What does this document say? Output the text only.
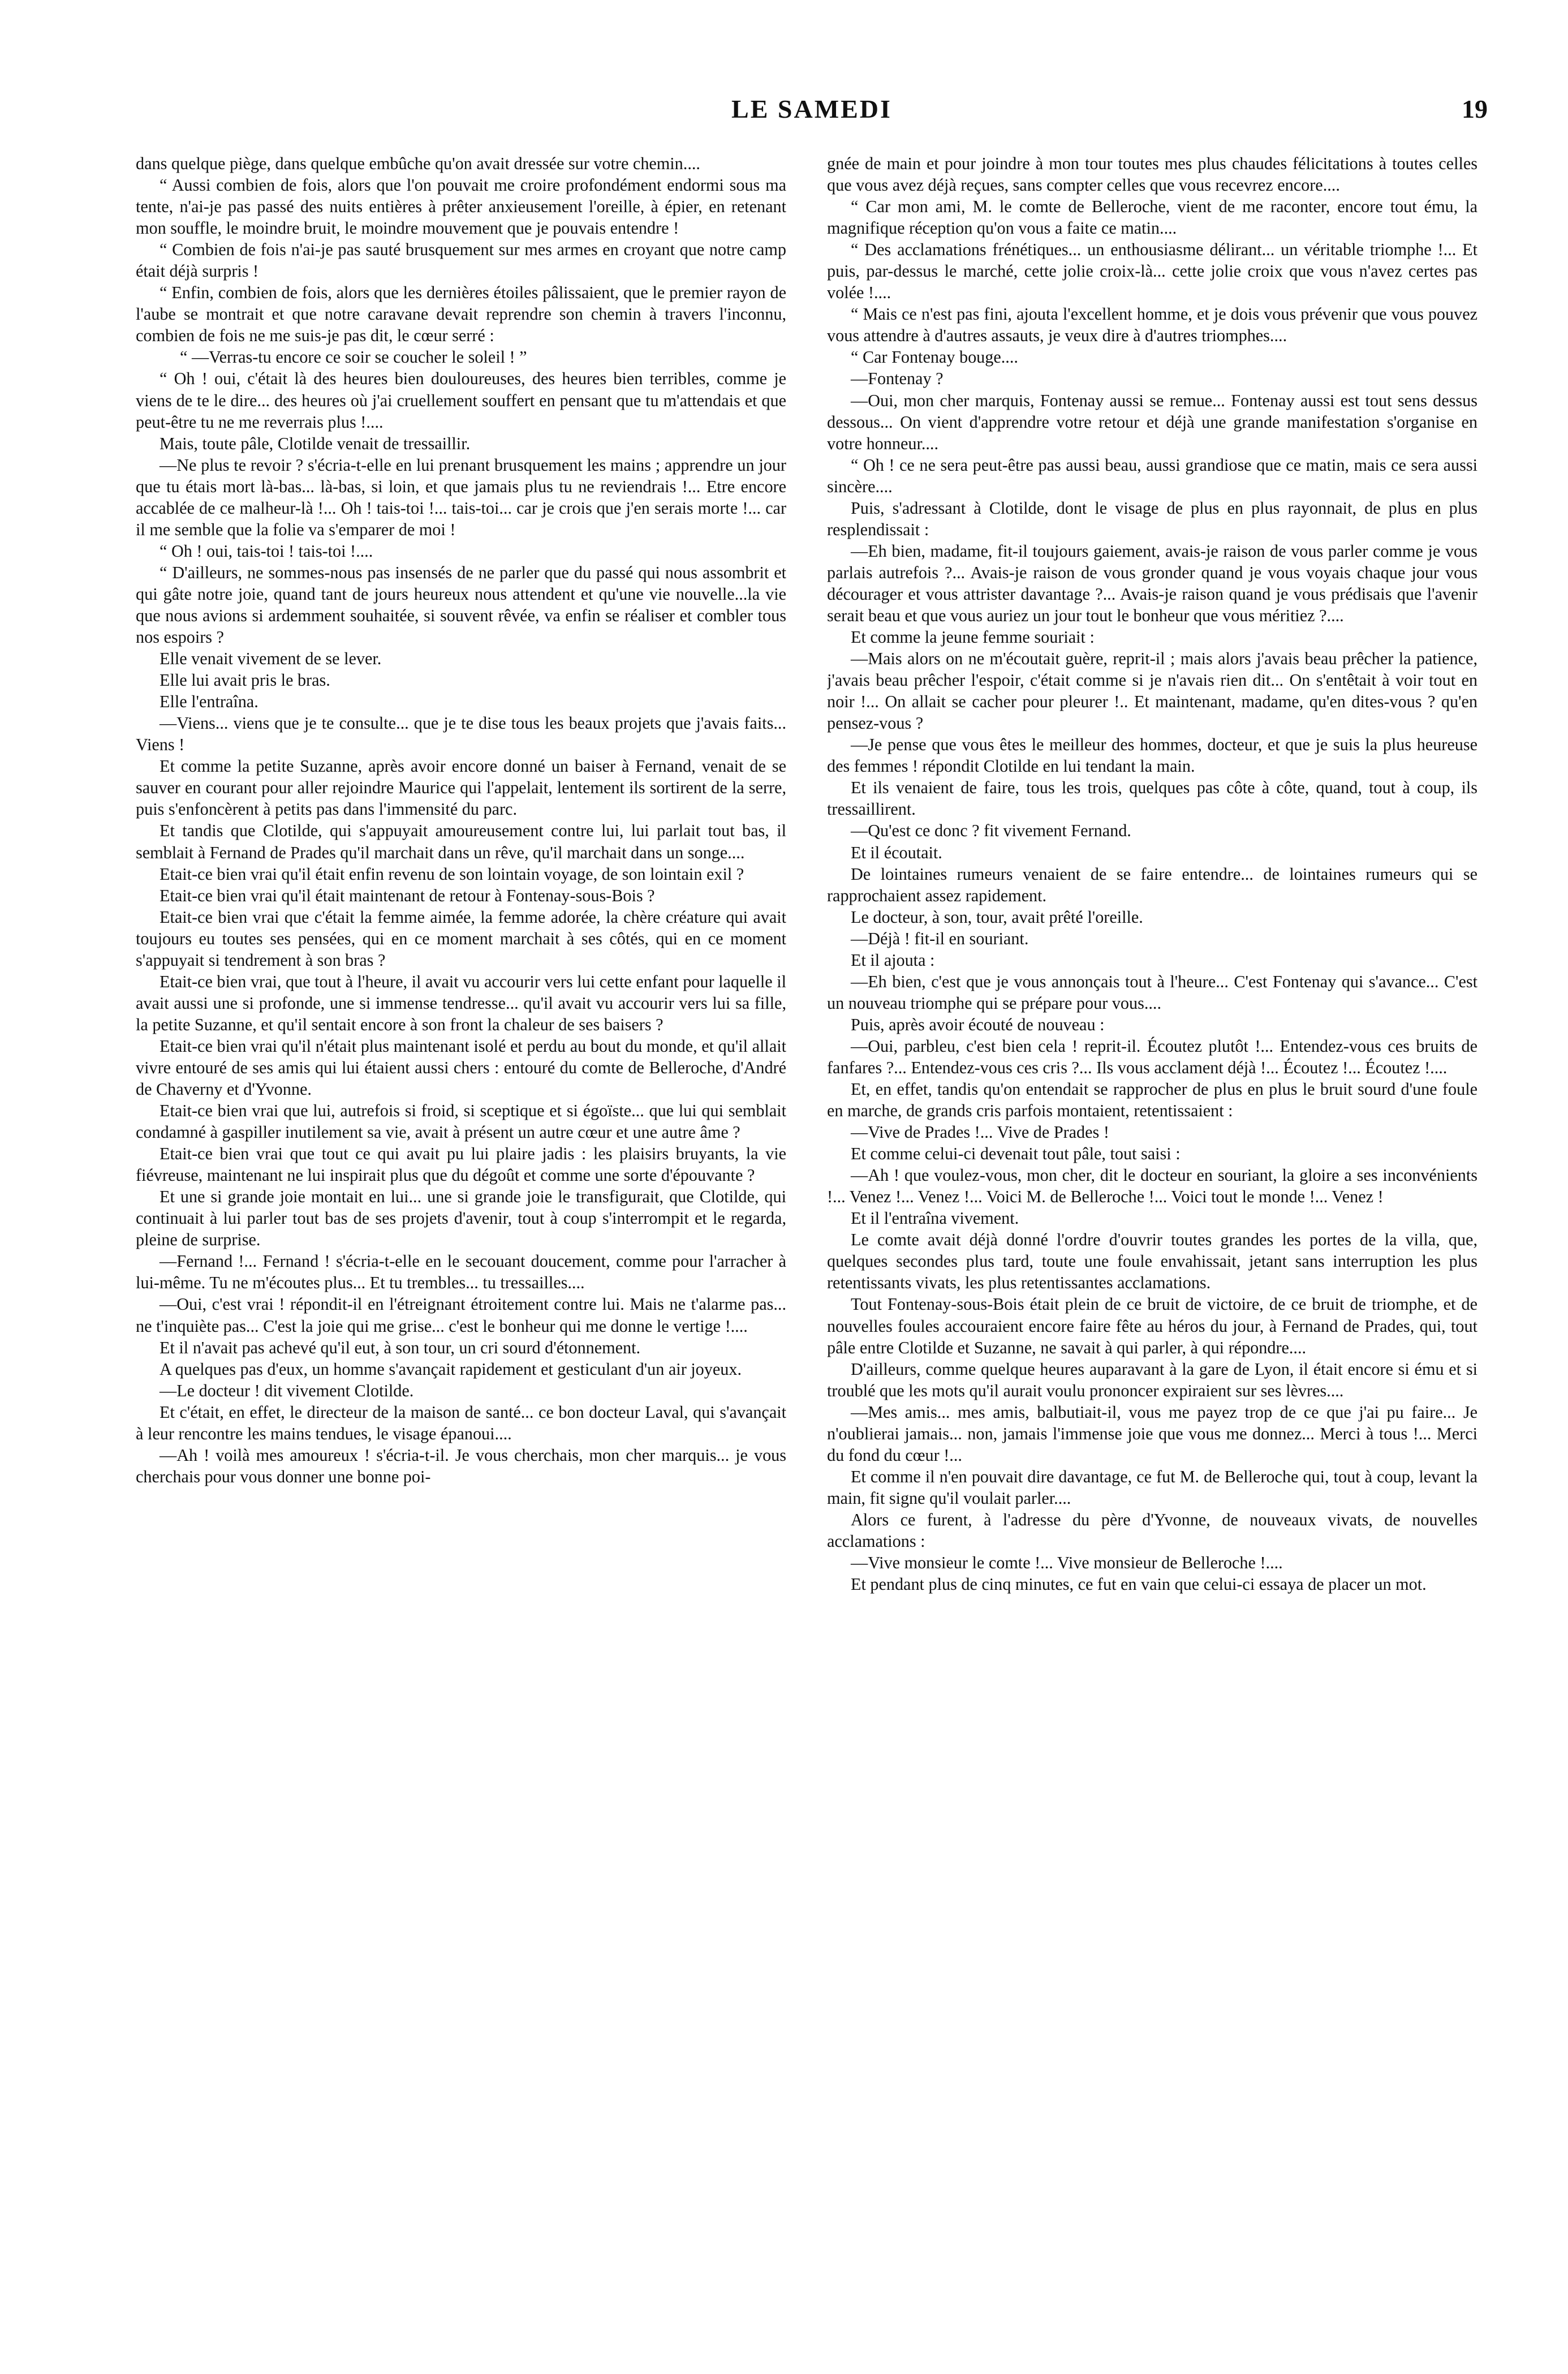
LE SAMEDI	19

dans quelque piège, dans quelque embûche qu'on avait dressée sur votre chemin....

“ Aussi combien de fois, alors que l'on pouvait me croire profondément endormi sous ma tente, n'ai-je pas passé des nuits entières à prêter anxieusement l'oreille, à épier, en retenant mon souffle, le moindre bruit, le moindre mouvement que je pouvais entendre !

“ Combien de fois n'ai-je pas sauté brusquement sur mes armes en croyant que notre camp était déjà surpris !

“ Enfin, combien de fois, alors que les dernières étoiles pâlissaient, que le premier rayon de l'aube se montrait et que notre caravane devait reprendre son chemin à travers l'inconnu, combien de fois ne me suis-je pas dit, le cœur serré :

“ —Verras-tu encore ce soir se coucher le soleil ! ”

“ Oh ! oui, c'était là des heures bien douloureuses, des heures bien terribles, comme je viens de te le dire... des heures où j'ai cruellement souffert en pensant que tu m'attendais et que peut-être tu ne me reverrais plus !....

Mais, toute pâle, Clotilde venait de tressaillir.

—Ne plus te revoir ? s'écria-t-elle en lui prenant brusquement les mains ; apprendre un jour que tu étais mort là-bas... là-bas, si loin, et que jamais plus tu ne reviendrais !... Etre encore accablée de ce malheur-là !... Oh ! tais-toi !... tais-toi... car je crois que j'en serais morte !... car il me semble que la folie va s'emparer de moi !

“ Oh ! oui, tais-toi ! tais-toi !....

“ D'ailleurs, ne sommes-nous pas insensés de ne parler que du passé qui nous assombrit et qui gâte notre joie, quand tant de jours heureux nous attendent et qu'une vie nouvelle...la vie que nous avions si ardemment souhaitée, si souvent rêvée, va enfin se réaliser et combler tous nos espoirs ?

Elle venait vivement de se lever.

Elle lui avait pris le bras.

Elle l'entraîna.

—Viens... viens que je te consulte... que je te dise tous les beaux projets que j'avais faits... Viens !

Et comme la petite Suzanne, après avoir encore donné un baiser à Fernand, venait de se sauver en courant pour aller rejoindre Maurice qui l'appelait, lentement ils sortirent de la serre, puis s'enfoncèrent à petits pas dans l'immensité du parc.

Et tandis que Clotilde, qui s'appuyait amoureusement contre lui, lui parlait tout bas, il semblait à Fernand de Prades qu'il marchait dans un rêve, qu'il marchait dans un songe....

Etait-ce bien vrai qu'il était enfin revenu de son lointain voyage, de son lointain exil ?

Etait-ce bien vrai qu'il était maintenant de retour à Fontenay-sous-Bois ?

Etait-ce bien vrai que c'était la femme aimée, la femme adorée, la chère créature qui avait toujours eu toutes ses pensées, qui en ce moment marchait à ses côtés, qui en ce moment s'appuyait si tendrement à son bras ?

Etait-ce bien vrai, que tout à l'heure, il avait vu accourir vers lui cette enfant pour laquelle il avait aussi une si profonde, une si immense tendresse... qu'il avait vu accourir vers lui sa fille, la petite Suzanne, et qu'il sentait encore à son front la chaleur de ses baisers ?

Etait-ce bien vrai qu'il n'était plus maintenant isolé et perdu au bout du monde, et qu'il allait vivre entouré de ses amis qui lui étaient aussi chers : entouré du comte de Belleroche, d'André de Chaverny et d'Yvonne.

Etait-ce bien vrai que lui, autrefois si froid, si sceptique et si égoïste... que lui qui semblait condamné à gaspiller inutilement sa vie, avait à présent un autre cœur et une autre âme ?

Etait-ce bien vrai que tout ce qui avait pu lui plaire jadis : les plaisirs bruyants, la vie fiévreuse, maintenant ne lui inspirait plus que du dégoût et comme une sorte d'épouvante ?

Et une si grande joie montait en lui... une si grande joie le transfigurait, que Clotilde, qui continuait à lui parler tout bas de ses projets d'avenir, tout à coup s'interrompit et le regarda, pleine de surprise.

—Fernand !... Fernand ! s'écria-t-elle en le secouant doucement, comme pour l'arracher à lui-même. Tu ne m'écoutes plus... Et tu trembles... tu tressailles....

—Oui, c'est vrai ! répondit-il en l'étreignant étroitement contre lui. Mais ne t'alarme pas... ne t'inquiète pas... C'est la joie qui me grise... c'est le bonheur qui me donne le vertige !....

Et il n'avait pas achevé qu'il eut, à son tour, un cri sourd d'étonnement.

A quelques pas d'eux, un homme s'avançait rapidement et gesticulant d'un air joyeux.

—Le docteur ! dit vivement Clotilde.

Et c'était, en effet, le directeur de la maison de santé... ce bon docteur Laval, qui s'avançait à leur rencontre les mains tendues, le visage épanoui....

—Ah ! voilà mes amoureux ! s'écria-t-il. Je vous cherchais, mon cher marquis... je vous cherchais pour vous donner une bonne poi-

gnée de main et pour joindre à mon tour toutes mes plus chaudes félicitations à toutes celles que vous avez déjà reçues, sans compter celles que vous recevrez encore....

“ Car mon ami, M. le comte de Belleroche, vient de me raconter, encore tout ému, la magnifique réception qu'on vous a faite ce matin....

“ Des acclamations frénétiques... un enthousiasme délirant... un véritable triomphe !... Et puis, par-dessus le marché, cette jolie croix-là... cette jolie croix que vous n'avez certes pas volée !....

“ Mais ce n'est pas fini, ajouta l'excellent homme, et je dois vous prévenir que vous pouvez vous attendre à d'autres assauts, je veux dire à d'autres triomphes....

“ Car Fontenay bouge....

—Fontenay ?

—Oui, mon cher marquis, Fontenay aussi se remue... Fontenay aussi est tout sens dessus dessous... On vient d'apprendre votre retour et déjà une grande manifestation s'organise en votre honneur....

“ Oh ! ce ne sera peut-être pas aussi beau, aussi grandiose que ce matin, mais ce sera aussi sincère....

Puis, s'adressant à Clotilde, dont le visage de plus en plus rayonnait, de plus en plus resplendissait :

—Eh bien, madame, fit-il toujours gaiement, avais-je raison de vous parler comme je vous parlais autrefois ?... Avais-je raison de vous gronder quand je vous voyais chaque jour vous décourager et vous attrister davantage ?... Avais-je raison quand je vous prédisais que l'avenir serait beau et que vous auriez un jour tout le bonheur que vous méritiez ?....

Et comme la jeune femme souriait :

—Mais alors on ne m'écoutait guère, reprit-il ; mais alors j'avais beau prêcher la patience, j'avais beau prêcher l'espoir, c'était comme si je n'avais rien dit... On s'entêtait à voir tout en noir !... On allait se cacher pour pleurer !.. Et maintenant, madame, qu'en dites-vous ? qu'en pensez-vous ?

—Je pense que vous êtes le meilleur des hommes, docteur, et que je suis la plus heureuse des femmes ! répondit Clotilde en lui tendant la main.

Et ils venaient de faire, tous les trois, quelques pas côte à côte, quand, tout à coup, ils tressaillirent.

—Qu'est ce donc ? fit vivement Fernand.

Et il écoutait.

De lointaines rumeurs venaient de se faire entendre... de lointaines rumeurs qui se rapprochaient assez rapidement.

Le docteur, à son, tour, avait prêté l'oreille.

—Déjà ! fit-il en souriant.

Et il ajouta :

—Eh bien, c'est que je vous annonçais tout à l'heure... C'est Fontenay qui s'avance... C'est un nouveau triomphe qui se prépare pour vous....

Puis, après avoir écouté de nouveau :

—Oui, parbleu, c'est bien cela ! reprit-il. Écoutez plutôt !... Entendez-vous ces bruits de fanfares ?... Entendez-vous ces cris ?... Ils vous acclament déjà !... Écoutez !... Écoutez !....

Et, en effet, tandis qu'on entendait se rapprocher de plus en plus le bruit sourd d'une foule en marche, de grands cris parfois montaient, retentissaient :

—Vive de Prades !... Vive de Prades !

Et comme celui-ci devenait tout pâle, tout saisi :

—Ah ! que voulez-vous, mon cher, dit le docteur en souriant, la gloire a ses inconvénients !... Venez !... Venez !... Voici M. de Belleroche !... Voici tout le monde !... Venez !

Et il l'entraîna vivement.

Le comte avait déjà donné l'ordre d'ouvrir toutes grandes les portes de la villa, que, quelques secondes plus tard, toute une foule envahissait, jetant sans interruption les plus retentissants vivats, les plus retentissantes acclamations.

Tout Fontenay-sous-Bois était plein de ce bruit de victoire, de ce bruit de triomphe, et de nouvelles foules accouraient encore faire fête au héros du jour, à Fernand de Prades, qui, tout pâle entre Clotilde et Suzanne, ne savait à qui parler, à qui répondre....

D'ailleurs, comme quelque heures auparavant à la gare de Lyon, il était encore si ému et si troublé que les mots qu'il aurait voulu prononcer expiraient sur ses lèvres....

—Mes amis... mes amis, balbutiait-il, vous me payez trop de ce que j'ai pu faire... Je n'oublierai jamais... non, jamais l'immense joie que vous me donnez... Merci à tous !... Merci du fond du cœur !...

Et comme il n'en pouvait dire davantage, ce fut M. de Belleroche qui, tout à coup, levant la main, fit signe qu'il voulait parler....

Alors ce furent, à l'adresse du père d'Yvonne, de nouveaux vivats, de nouvelles acclamations :

—Vive monsieur le comte !... Vive monsieur de Belleroche !....

Et pendant plus de cinq minutes, ce fut en vain que celui-ci essaya de placer un mot.
